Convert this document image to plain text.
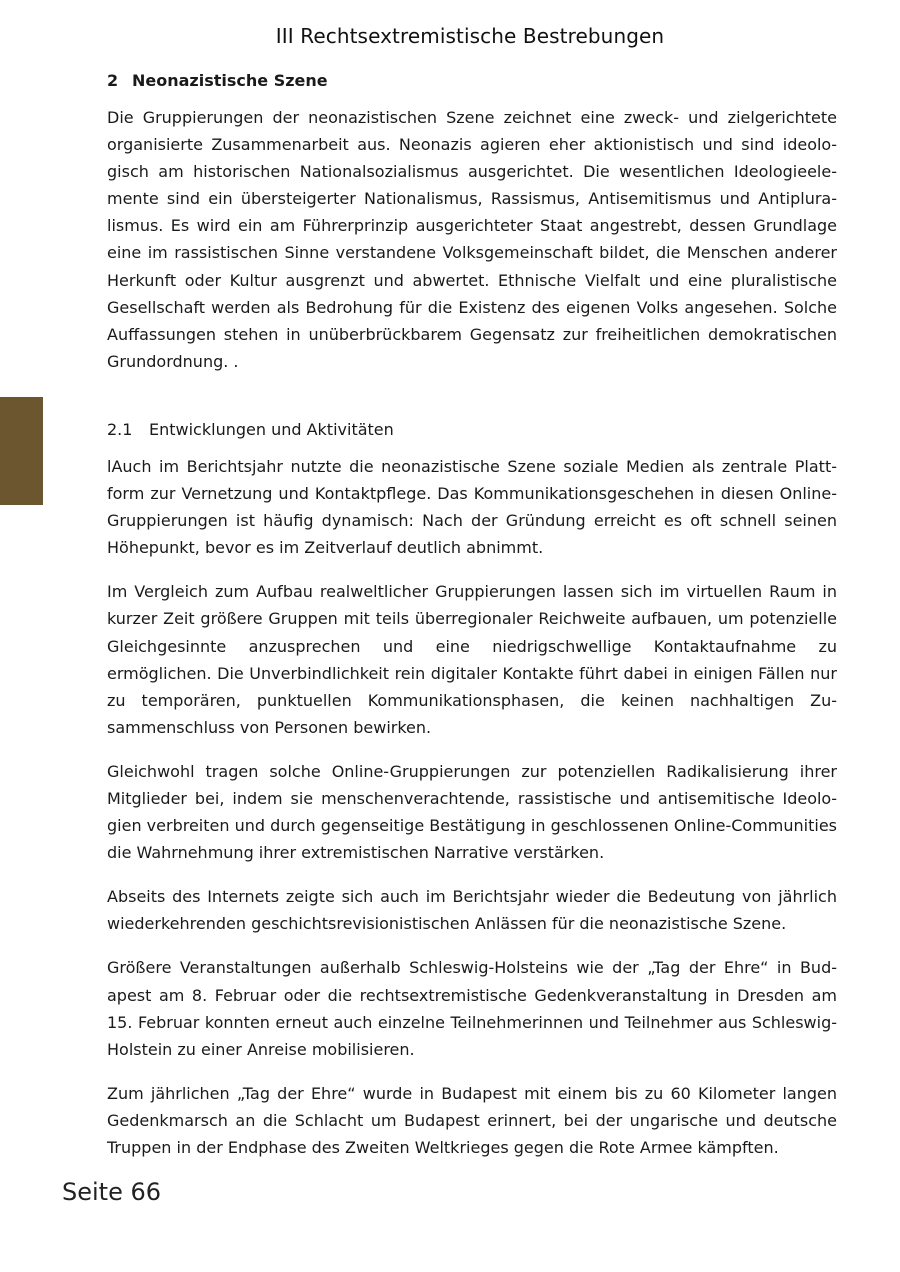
III Rechtsextremistische Bestrebungen
2 Neonazistische Szene

Die Gruppierungen der neonazistischen Szene zeichnet eine zweck- und zielgerichtete organisierte Zusammenarbeit aus. Neonazis agieren eher aktionistisch und sind ideologisch am historischen Nationalsozialismus ausgerichtet. Die wesentlichen Ideologieelemente sind ein übersteigerter Nationalismus, Rassismus, Antisemitismus und Antipluralismus. Es wird ein am Führerprinzip ausgerichteter Staat angestrebt, dessen Grundlage eine im rassistischen Sinne verstandene Volksgemeinschaft bildet, die Menschen anderer Herkunft oder Kultur ausgrenzt und abwertet. Ethnische Vielfalt und eine pluralistische Gesellschaft werden als Bedrohung für die Existenz des eigenen Volks angesehen. Solche Auffassungen stehen in unüberbrückbarem Gegensatz zur freiheitlichen demokratischen Grundordnung. .

2.1 Entwicklungen und Aktivitäten

lAuch im Berichtsjahr nutzte die neonazistische Szene soziale Medien als zentrale Plattform zur Vernetzung und Kontaktpflege. Das Kommunikationsgeschehen in diesen Online-Gruppierungen ist häufig dynamisch: Nach der Gründung erreicht es oft schnell seinen Höhepunkt, bevor es im Zeitverlauf deutlich abnimmt.

Im Vergleich zum Aufbau realweltlicher Gruppierungen lassen sich im virtuellen Raum in kurzer Zeit größere Gruppen mit teils überregionaler Reichweite aufbauen, um potenzielle Gleichgesinnte anzusprechen und eine niedrigschwellige Kontaktaufnahme zu ermöglichen. Die Unverbindlichkeit rein digitaler Kontakte führt dabei in einigen Fällen nur zu temporären, punktuellen Kommunikationsphasen, die keinen nachhaltigen Zusammenschluss von Personen bewirken.

Gleichwohl tragen solche Online-Gruppierungen zur potenziellen Radikalisierung ihrer Mitglieder bei, indem sie menschenverachtende, rassistische und antisemitische Ideologien verbreiten und durch gegenseitige Bestätigung in geschlossenen Online-Communities die Wahrnehmung ihrer extremistischen Narrative verstärken.

Abseits des Internets zeigte sich auch im Berichtsjahr wieder die Bedeutung von jährlich wiederkehrenden geschichtsrevisionistischen Anlässen für die neonazistische Szene.

Größere Veranstaltungen außerhalb Schleswig-Holsteins wie der „Tag der Ehre“ in Budapest am 8. Februar oder die rechtsextremistische Gedenkveranstaltung in Dresden am 15. Februar konnten erneut auch einzelne Teilnehmerinnen und Teilnehmer aus Schleswig-Holstein zu einer Anreise mobilisieren.

Zum jährlichen „Tag der Ehre“ wurde in Budapest mit einem bis zu 60 Kilometer langen Gedenkmarsch an die Schlacht um Budapest erinnert, bei der ungarische und deutsche Truppen in der Endphase des Zweiten Weltkrieges gegen die Rote Armee kämpften.

Seite 66
